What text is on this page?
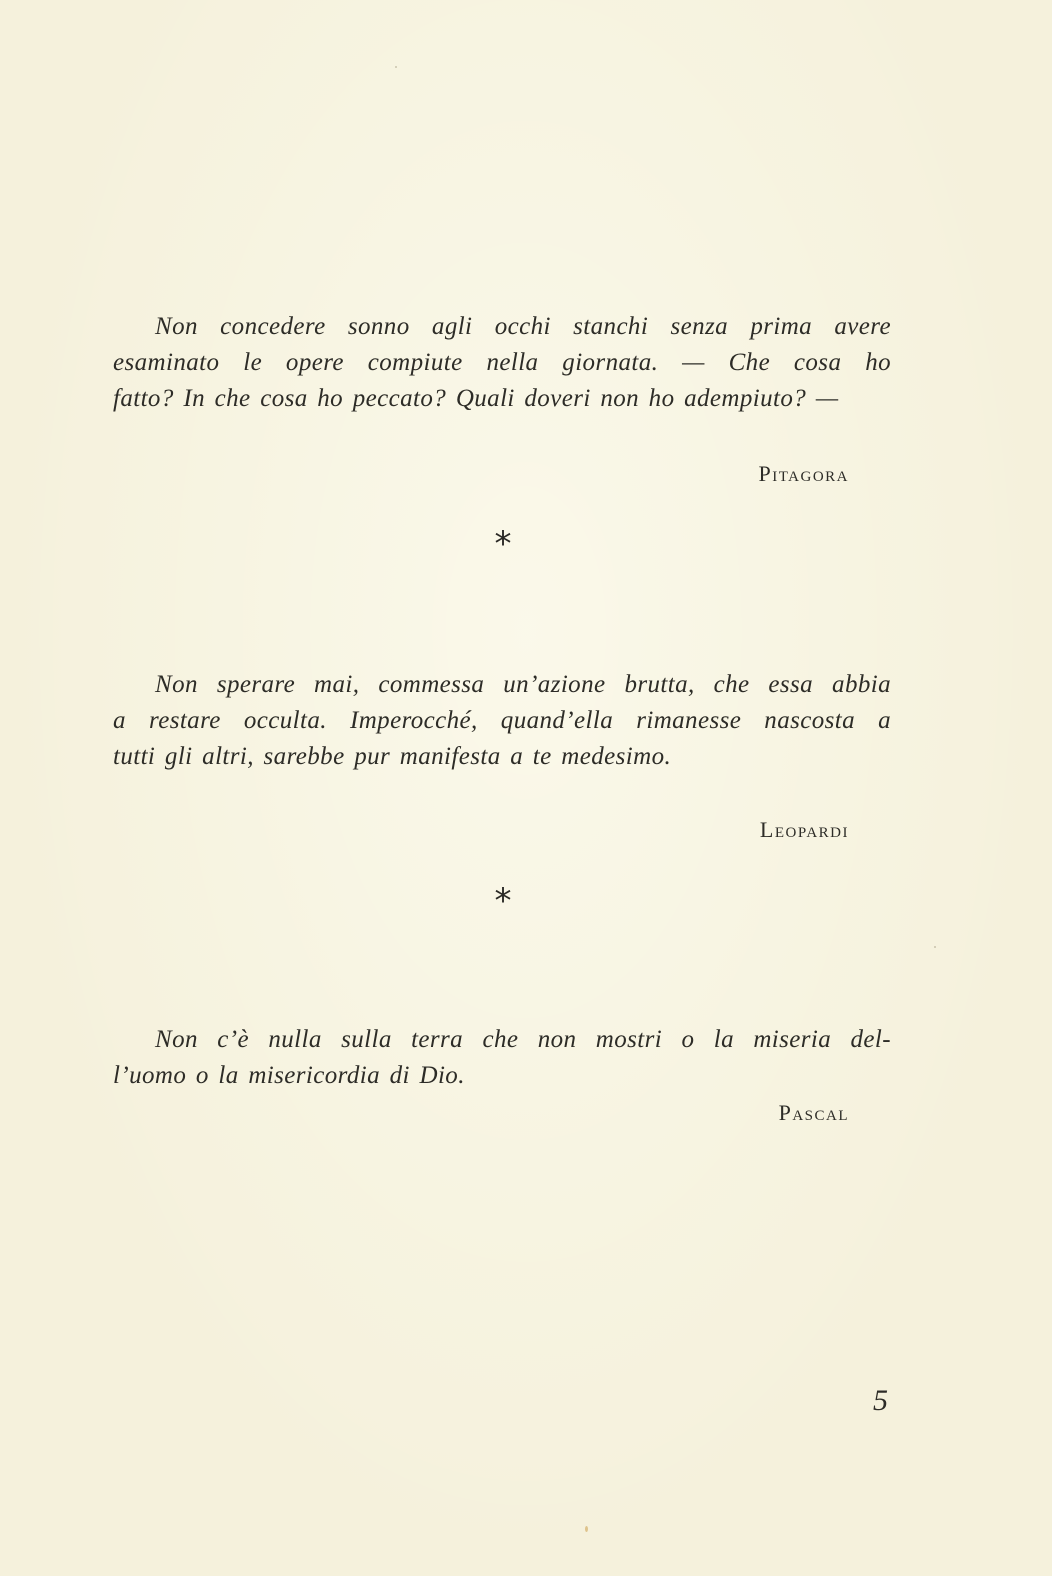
Non concedere sonno agli occhi stanchi senza prima avere
esaminato le opere compiute nella giornata. — Che cosa ho
fatto? In che cosa ho peccato? Quali doveri non ho adempiuto? —
Pitagora
*
Non sperare mai, commessa un’azione brutta, che essa abbia
a restare occulta. Imperocché, quand’ella rimanesse nascosta a
tutti gli altri, sarebbe pur manifesta a te medesimo.
Leopardi
*
Non c’è nulla sulla terra che non mostri o la miseria del-
l’uomo o la misericordia di Dio.
Pascal
5
